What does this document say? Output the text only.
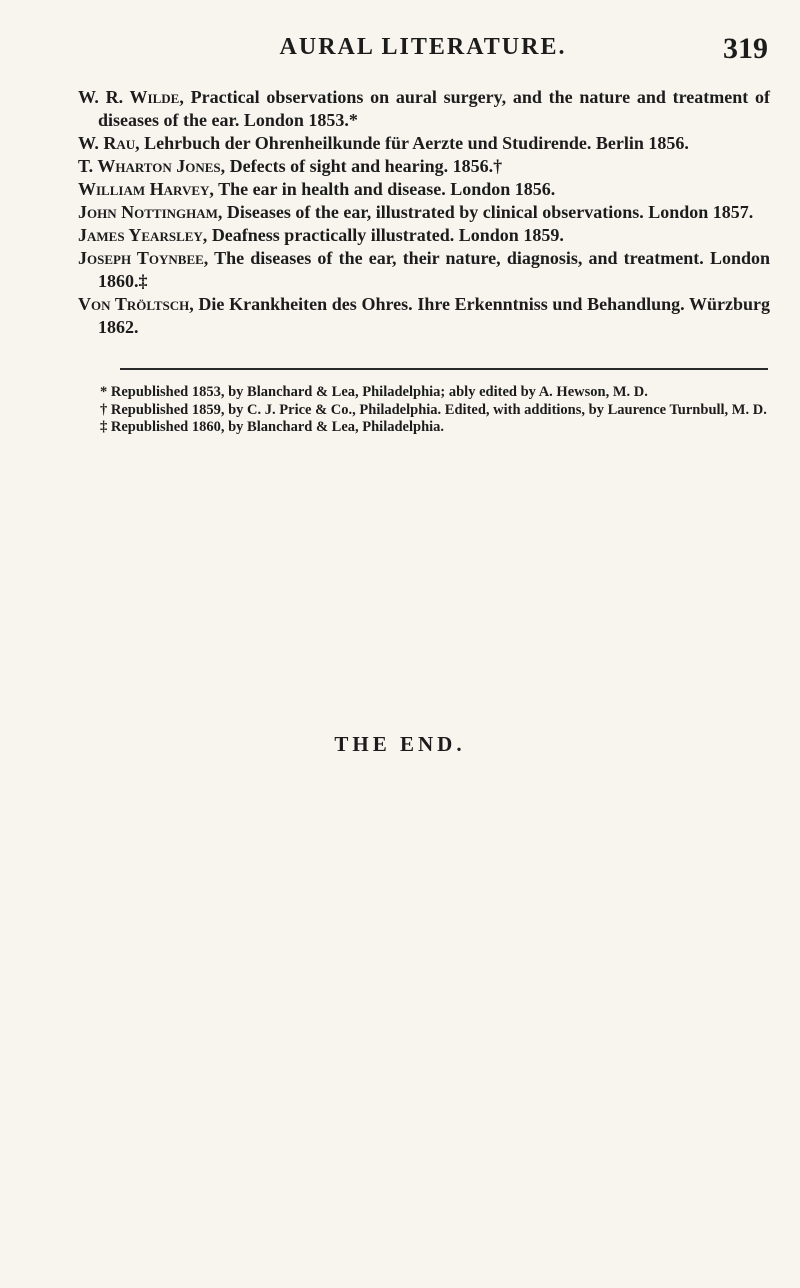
AURAL LITERATURE.	319

W. R. Wilde, Practical observations on aural surgery, and the nature and treatment of diseases of the ear. London 1853.*

W. Rau, Lehrbuch der Ohrenheilkunde für Aerzte und Studirende. Berlin 1856.

T. Wharton Jones, Defects of sight and hearing. 1856.†

William Harvey, The ear in health and disease. London 1856.

John Nottingham, Diseases of the ear, illustrated by clinical observations. London 1857.

James Yearsley, Deafness practically illustrated. London 1859.

Joseph Toynbee, The diseases of the ear, their nature, diagnosis, and treatment. London 1860.‡

Von Tröltsch, Die Krankheiten des Ohres. Ihre Erkenntniss und Behandlung. Würzburg 1862.

* Republished 1853, by Blanchard & Lea, Philadelphia; ably edited by A. Hewson, M. D.

† Republished 1859, by C. J. Price & Co., Philadelphia. Edited, with additions, by Laurence Turnbull, M. D.

‡ Republished 1860, by Blanchard & Lea, Philadelphia.

THE END.
